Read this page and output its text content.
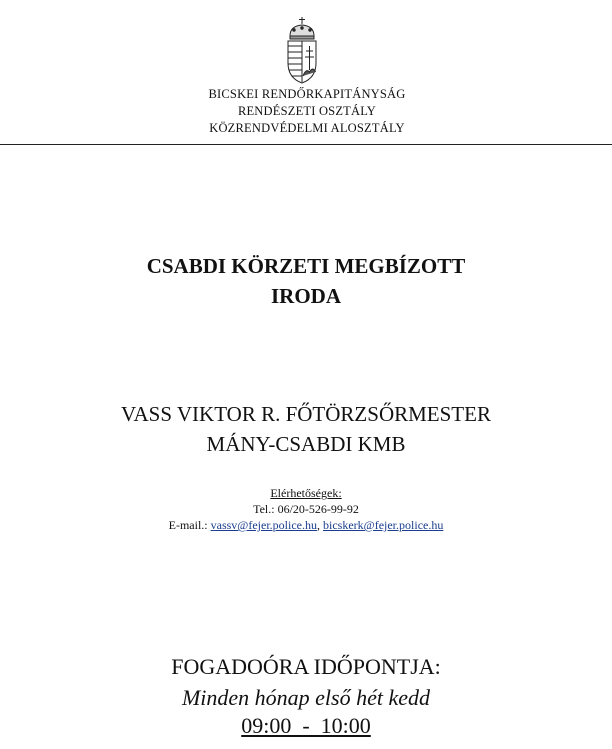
BICSKEI RENDŐRKAPITÁNYSÁG
RENDÉSZETI OSZTÁLY
KÖZRENDVÉDELMI ALOSZTÁLY
CSABDI KÖRZETI MEGBÍZOTT
IRODA
VASS VIKTOR R. FŐTÖRZSŐRMESTER
MÁNY-CSABDI KMB
Elérhetőségek:
Tel.: 06/20-526-99-92
E-mail.: vassv@fejer.police.hu, bicskerk@fejer.police.hu
FOGADOÓRA IDŐPONTJA:
Minden hónap első hét kedd
09:00  -  10:00
